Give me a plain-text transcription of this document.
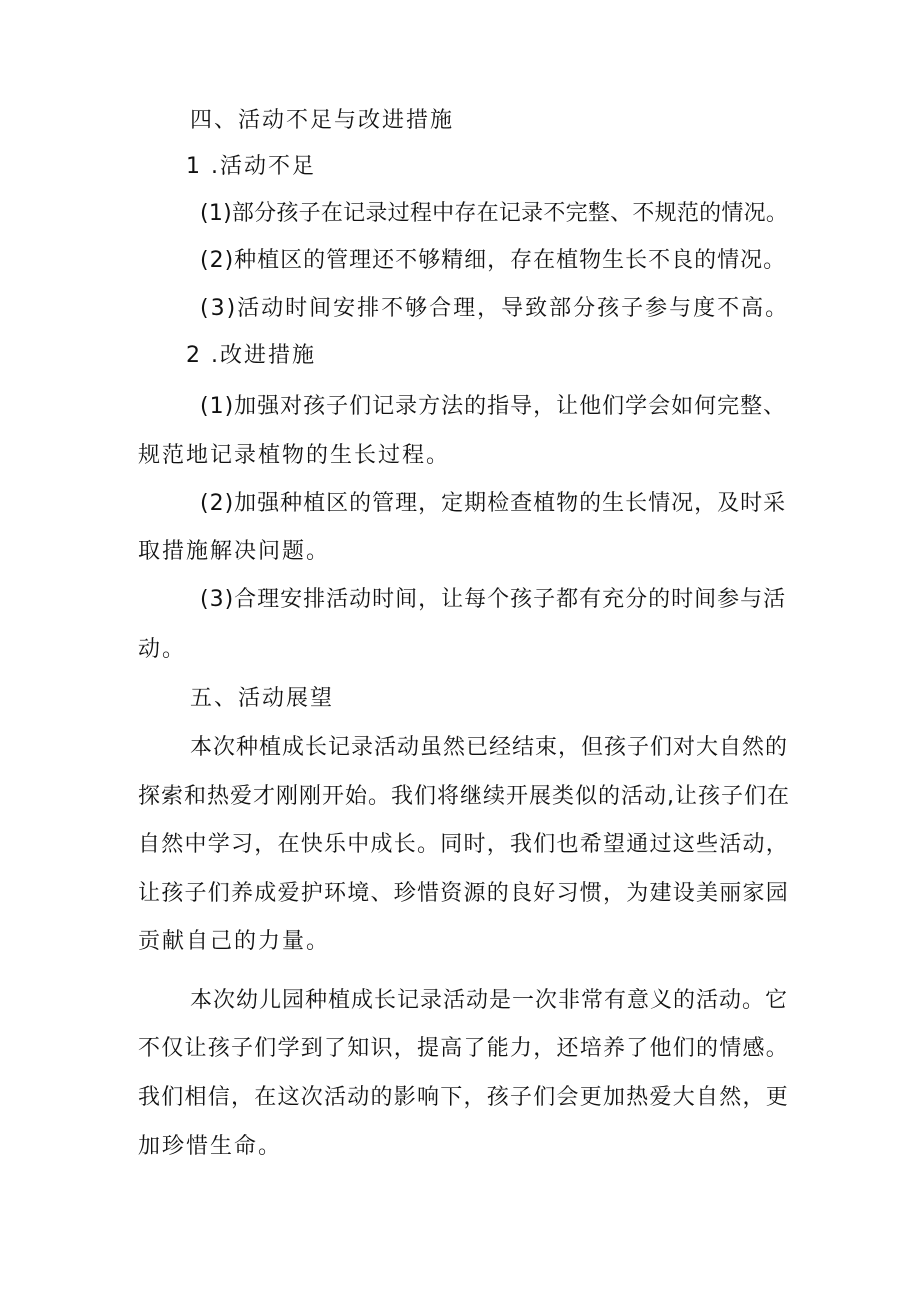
四、活动不足与改进措施
1 .活动不足
(1)部分孩子在记录过程中存在记录不完整、不规范的情况。
(2)种植区的管理还不够精细，存在植物生长不良的情况。
(3)活动时间安排不够合理，导致部分孩子参与度不高。
2 .改进措施
(1)加强对孩子们记录方法的指导，让他们学会如何完整、
规范地记录植物的生长过程。
(2)加强种植区的管理，定期检查植物的生长情况，及时采
取措施解决问题。
(3)合理安排活动时间，让每个孩子都有充分的时间参与活
动。
五、活动展望
本次种植成长记录活动虽然已经结束，但孩子们对大自然的
探索和热爱才刚刚开始。我们将继续开展类似的活动,让孩子们在
自然中学习，在快乐中成长。同时，我们也希望通过这些活动，
让孩子们养成爱护环境、珍惜资源的良好习惯，为建设美丽家园
贡献自己的力量。
本次幼儿园种植成长记录活动是一次非常有意义的活动。它
不仅让孩子们学到了知识，提高了能力，还培养了他们的情感。
我们相信，在这次活动的影响下，孩子们会更加热爱大自然，更
加珍惜生命。
